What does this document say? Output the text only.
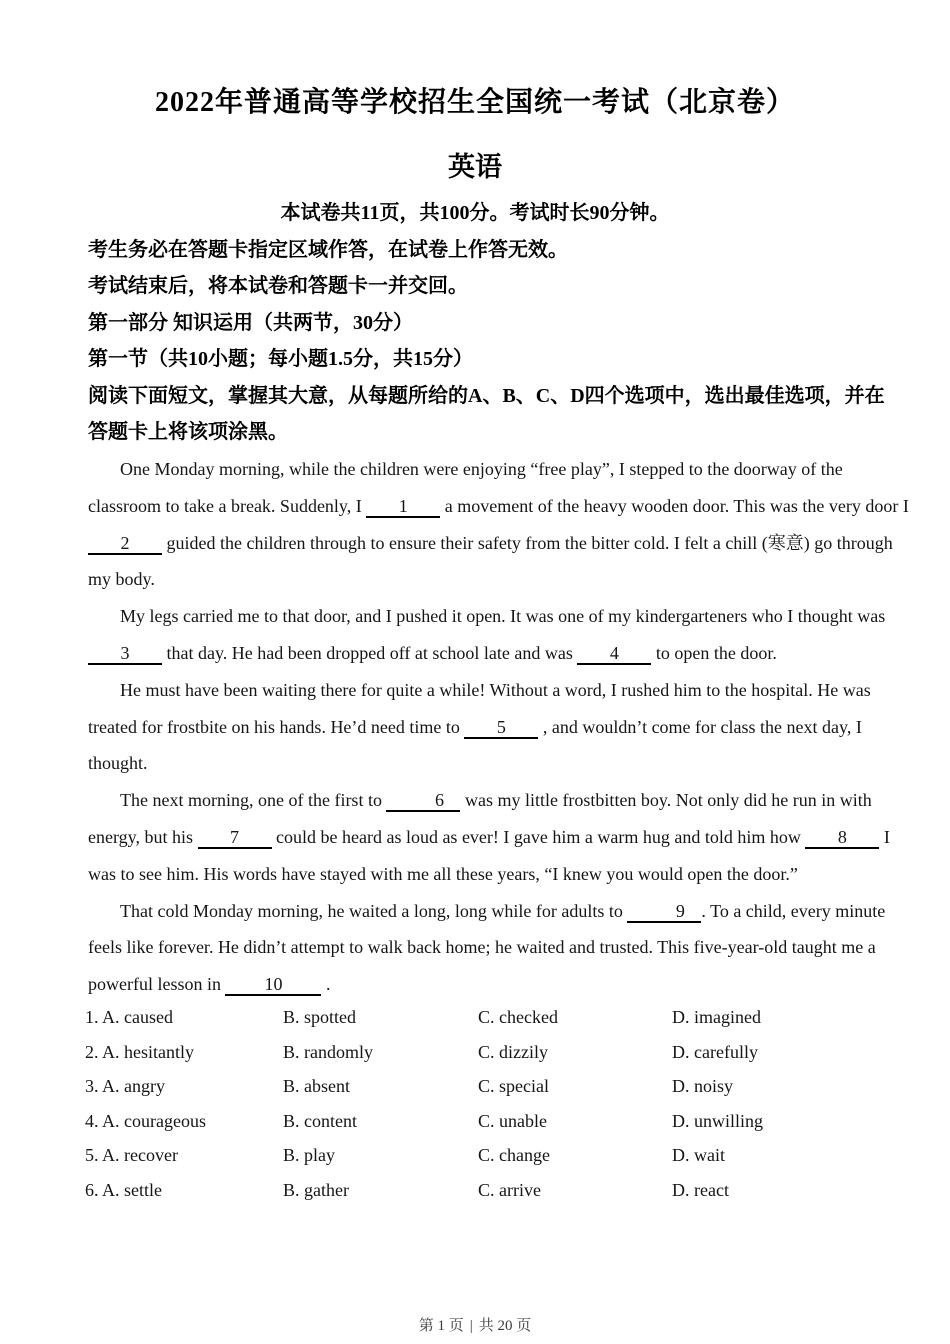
2022年普通高等学校招生全国统一考试（北京卷）
英语
本试卷共11页，共100分。考试时长90分钟。
考生务必在答题卡指定区域作答，在试卷上作答无效。
考试结束后，将本试卷和答题卡一并交回。
第一部分 知识运用（共两节，30分）
第一节（共10小题；每小题1.5分，共15分）
阅读下面短文，掌握其大意，从每题所给的A、B、C、D四个选项中，选出最佳选项，并在
答题卡上将该项涂黑。
One Monday morning, while the children were enjoying “free play”, I stepped to the doorway of the
classroom to take a break. Suddenly, I 1 a movement of the heavy wooden door. This was the very door I
2 guided the children through to ensure their safety from the bitter cold. I felt a chill (寒意) go through
my body.
My legs carried me to that door, and I pushed it open. It was one of my kindergarteners who I thought was
3 that day. He had been dropped off at school late and was 4 to open the door.
He must have been waiting there for quite a while! Without a word, I rushed him to the hospital. He was
treated for frostbite on his hands. He’d need time to 5 , and wouldn’t come for class the next day, I
thought.
The next morning, one of the first to	6 was my little frostbitten boy. Not only did he run in with
energy, but his 7 could be heard as loud as ever! I gave him a warm hug and told him how 8 I
was to see him. His words have stayed with me all these years, “I knew you would open the door.”
That cold Monday morning, he waited a long, long while for adults to	9 . To a child, every minute
feels like forever. He didn’t attempt to walk back home; he waited and trusted. This five-year-old taught me a
powerful lesson in 10 .
1. A. caused	B. spotted	C. checked	D. imagined
2. A. hesitantly	B. randomly	C. dizzily	D. carefully
3. A. angry	B. absent	C. special	D. noisy
4. A. courageous	B. content	C. unable	D. unwilling
5. A. recover	B. play	C. change	D. wait
6. A. settle	B. gather	C. arrive	D. react
第 1 页 | 共 20 页
